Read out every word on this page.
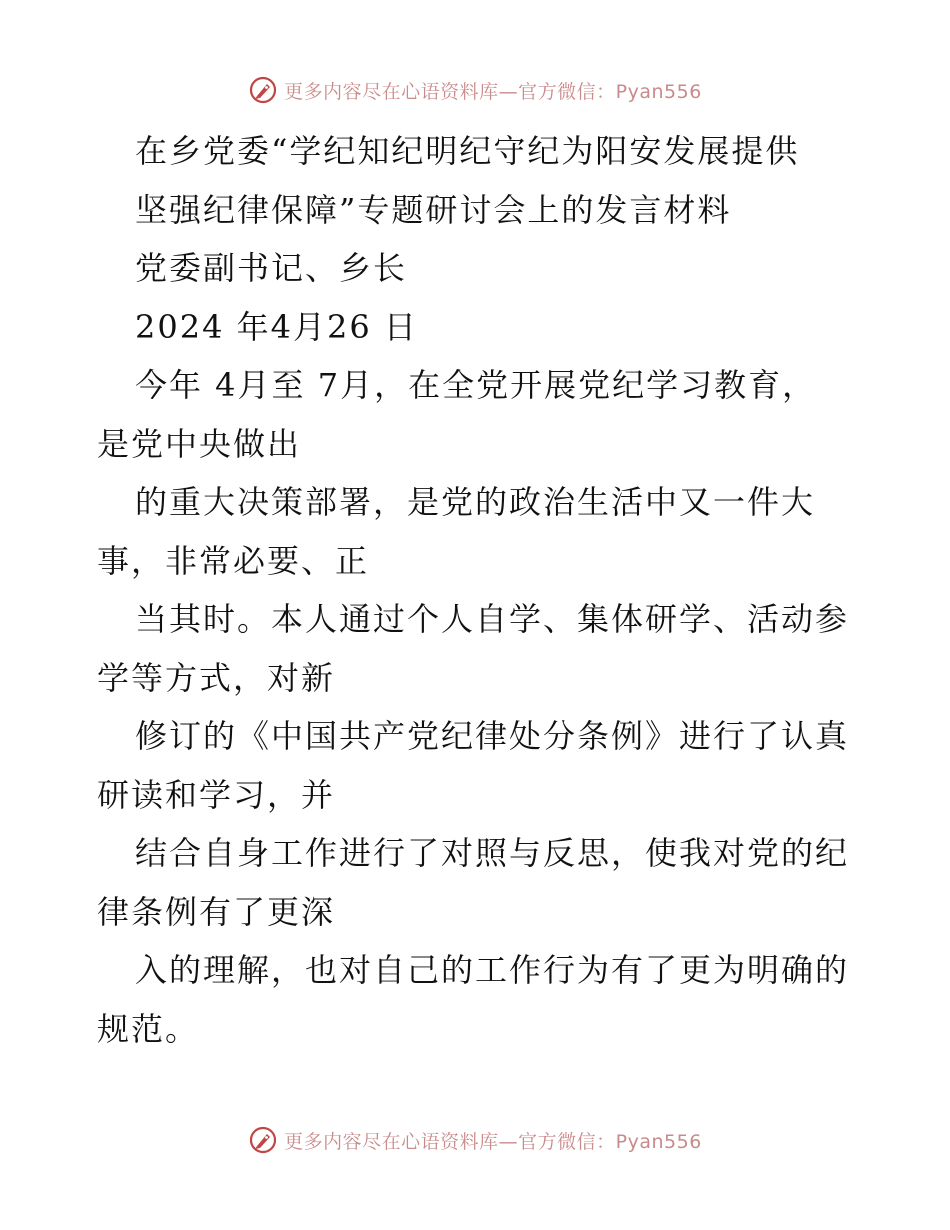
更多内容尽在心语资料库—官方微信：Pyan556
在乡党委“学纪知纪明纪守纪为阳安发展提供
坚强纪律保障”专题研讨会上的发言材料
党委副书记、乡长
2024 年4月26 日
今年 4月至 7月，在全党开展党纪学习教育，
是党中央做出
的重大决策部署，是党的政治生活中又一件大
事，非常必要、正
当其时。本人通过个人自学、集体研学、活动参
学等方式，对新
修订的《中国共产党纪律处分条例》进行了认真
研读和学习，并
结合自身工作进行了对照与反思，使我对党的纪
律条例有了更深
入的理解，也对自己的工作行为有了更为明确的
规范。
更多内容尽在心语资料库—官方微信：Pyan556
